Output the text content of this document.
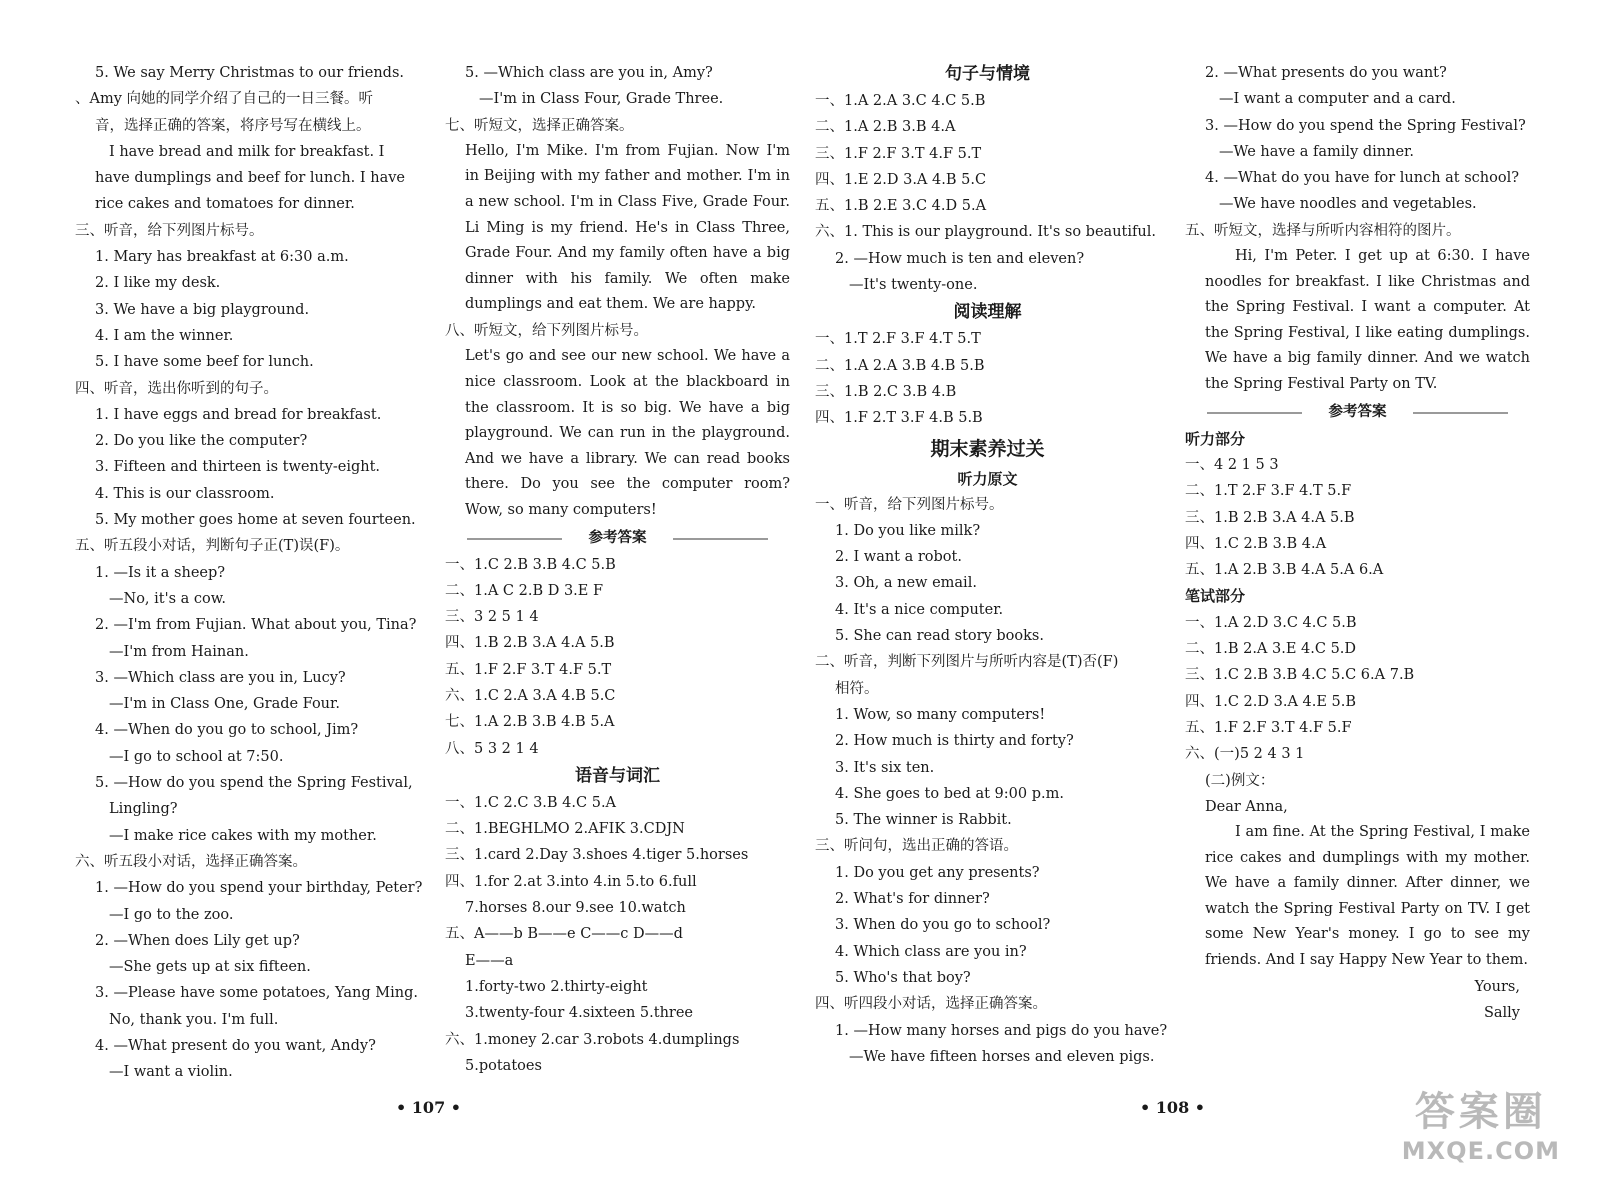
5. We say Merry Christmas to our friends.
、Amy 向她的同学介绍了自己的一日三餐。听
音，选择正确的答案，将序号写在横线上。
I have bread and milk for breakfast. I
have dumplings and beef for lunch. I have
rice cakes and tomatoes for dinner.
三、听音，给下列图片标号。
1. Mary has breakfast at 6:30 a.m.
2. I like my desk.
3. We have a big playground.
4. I am the winner.
5. I have some beef for lunch.
四、听音，选出你听到的句子。
1. I have eggs and bread for breakfast.
2. Do you like the computer?
3. Fifteen and thirteen is twenty-eight.
4. This is our classroom.
5. My mother goes home at seven fourteen.
五、听五段小对话，判断句子正(T)误(F)。
1. —Is it a sheep?
—No, it's a cow.
2. —I'm from Fujian. What about you, Tina?
—I'm from Hainan.
3. —Which class are you in, Lucy?
—I'm in Class One, Grade Four.
4. —When do you go to school, Jim?
—I go to school at 7:50.
5. —How do you spend the Spring Festival,
Lingling?
—I make rice cakes with my mother.
六、听五段小对话，选择正确答案。
1. —How do you spend your birthday, Peter?
—I go to the zoo.
2. —When does Lily get up?
—She gets up at six fifteen.
3. —Please have some potatoes, Yang Ming.
No, thank you. I'm full.
4. —What present do you want, Andy?
—I want a violin.
5. —Which class are you in, Amy?
—I'm in Class Four, Grade Three.
七、听短文，选择正确答案。
Hello, I'm Mike. I'm from Fujian. Now I'm in Beijing with my father and mother. I'm in a new school. I'm in Class Five, Grade Four. Li Ming is my friend. He's in Class Three, Grade Four. And my family often have a big dinner with his family. We often make dumplings and eat them. We are happy.
八、听短文，给下列图片标号。
Let's go and see our new school. We have a nice classroom. Look at the blackboard in the classroom. It is so big. We have a big playground. We can run in the playground. And we have a library. We can read books there. Do you see the computer room? Wow, so many computers!
参考答案
一、1.C 2.B 3.B 4.C 5.B
二、1.A C 2.B D 3.E F
三、3 2 5 1 4
四、1.B 2.B 3.A 4.A 5.B
五、1.F 2.F 3.T 4.F 5.T
六、1.C 2.A 3.A 4.B 5.C
七、1.A 2.B 3.B 4.B 5.A
八、5 3 2 1 4
语音与词汇
一、1.C 2.C 3.B 4.C 5.A
二、1.BEGHLMO 2.AFIK 3.CDJN
三、1.card 2.Day 3.shoes 4.tiger 5.horses
四、1.for 2.at 3.into 4.in 5.to 6.full
7.horses 8.our 9.see 10.watch
五、A——b B——e C——c D——d
E——a
1.forty-two 2.thirty-eight
3.twenty-four 4.sixteen 5.three
六、1.money 2.car 3.robots 4.dumplings
5.potatoes
句子与情境
一、1.A 2.A 3.C 4.C 5.B
二、1.A 2.B 3.B 4.A
三、1.F 2.F 3.T 4.F 5.T
四、1.E 2.D 3.A 4.B 5.C
五、1.B 2.E 3.C 4.D 5.A
六、1. This is our playground. It's so beautiful.
2. —How much is ten and eleven?
—It's twenty-one.
阅读理解
一、1.T 2.F 3.F 4.T 5.T
二、1.A 2.A 3.B 4.B 5.B
三、1.B 2.C 3.B 4.B
四、1.F 2.T 3.F 4.B 5.B
期末素养过关
听力原文
一、听音，给下列图片标号。
1. Do you like milk?
2. I want a robot.
3. Oh, a new email.
4. It's a nice computer.
5. She can read story books.
二、听音，判断下列图片与所听内容是(T)否(F)
相符。
1. Wow, so many computers!
2. How much is thirty and forty?
3. It's six ten.
4. She goes to bed at 9:00 p.m.
5. The winner is Rabbit.
三、听问句，选出正确的答语。
1. Do you get any presents?
2. What's for dinner?
3. When do you go to school?
4. Which class are you in?
5. Who's that boy?
四、听四段小对话，选择正确答案。
1. —How many horses and pigs do you have?
—We have fifteen horses and eleven pigs.
2. —What presents do you want?
—I want a computer and a card.
3. —How do you spend the Spring Festival?
—We have a family dinner.
4. —What do you have for lunch at school?
—We have noodles and vegetables.
五、听短文，选择与所听内容相符的图片。
Hi, I'm Peter. I get up at 6:30. I have noodles for breakfast. I like Christmas and the Spring Festival. I want a computer. At the Spring Festival, I like eating dumplings. We have a big family dinner. And we watch the Spring Festival Party on TV.
参考答案
听力部分
一、4 2 1 5 3
二、1.T 2.F 3.F 4.T 5.F
三、1.B 2.B 3.A 4.A 5.B
四、1.C 2.B 3.B 4.A
五、1.A 2.B 3.B 4.A 5.A 6.A
笔试部分
一、1.A 2.D 3.C 4.C 5.B
二、1.B 2.A 3.E 4.C 5.D
三、1.C 2.B 3.B 4.C 5.C 6.A 7.B
四、1.C 2.D 3.A 4.E 5.B
五、1.F 2.F 3.T 4.F 5.F
六、(一)5 2 4 3 1
(二)例文：
Dear Anna,
I am fine. At the Spring Festival, I make rice cakes and dumplings with my mother. We have a family dinner. After dinner, we watch the Spring Festival Party on TV. I get some New Year's money. I go to see my friends. And I say Happy New Year to them.
Yours,
Sally
• 107 •	• 108 •	答案圈
MXQE.COM
